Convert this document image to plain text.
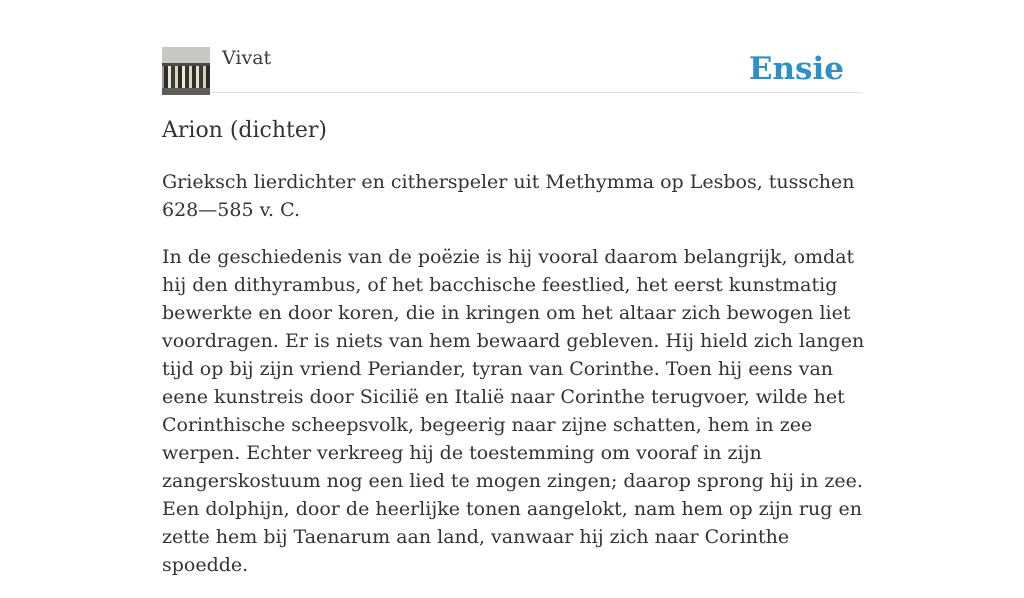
Vivat	Ensie
Arion (dichter)

Grieksch lierdichter en citherspeler uit Methymma op Lesbos, tusschen 628—585 v. C.

In de geschiedenis van de poëzie is hij vooral daarom belangrijk, omdat hij den dithyrambus, of het bacchische feestlied, het eerst kunstmatig bewerkte en door koren, die in kringen om het altaar zich bewogen liet voordragen. Er is niets van hem bewaard gebleven. Hij hield zich langen tijd op bij zijn vriend Periander, tyran van Corinthe. Toen hij eens van eene kunstreis door Sicilië en Italië naar Corinthe terugvoer, wilde het Corinthische scheepsvolk, begeerig naar zijne schatten, hem in zee werpen. Echter verkreeg hij de toestemming om vooraf in zijn zangerskostuum nog een lied te mogen zingen; daarop sprong hij in zee. Een dolphijn, door de heerlijke tonen aangelokt, nam hem op zijn rug en zette hem bij Taenarum aan land, vanwaar hij zich naar Corinthe spoedde.
